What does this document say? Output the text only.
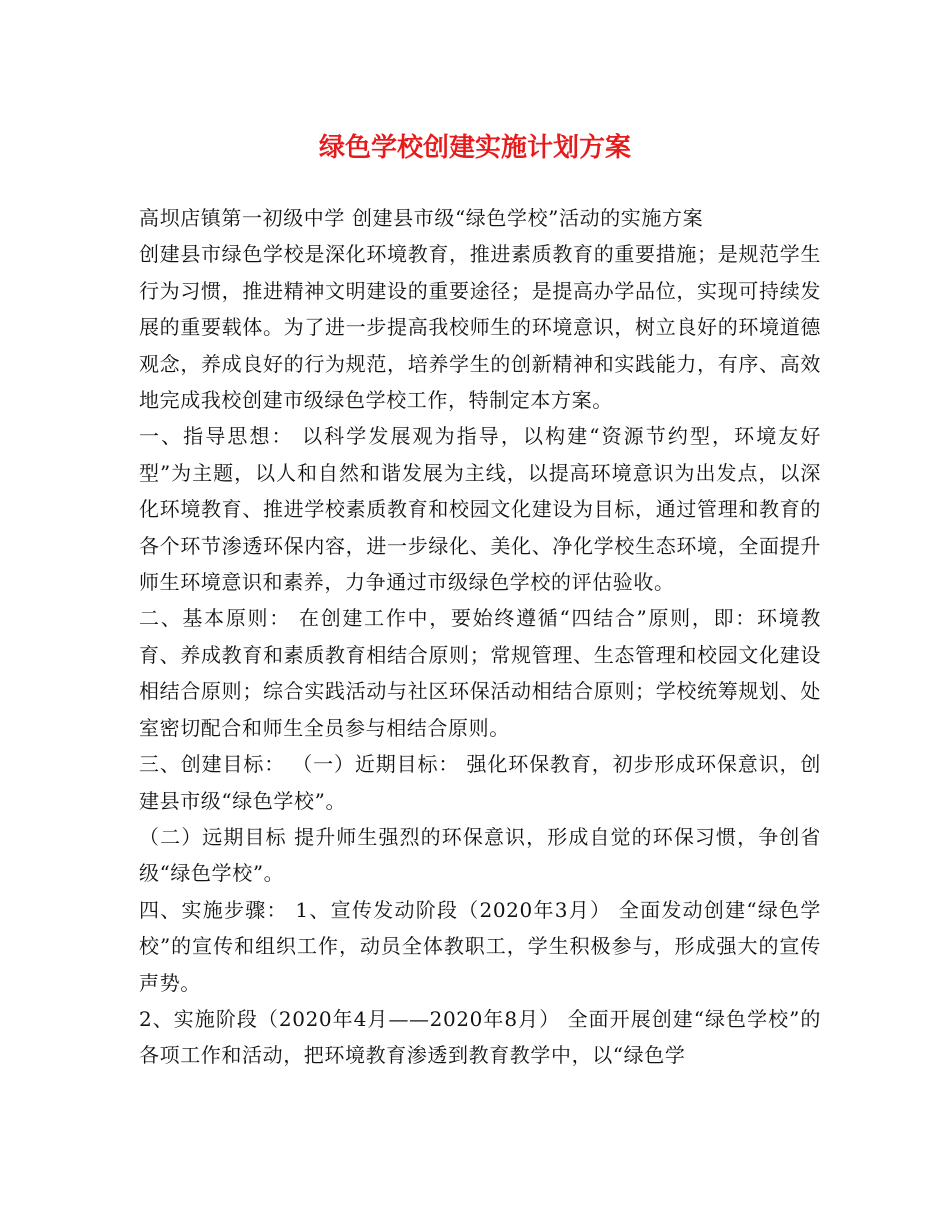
绿色学校创建实施计划方案

高坝店镇第一初级中学 创建县市级“绿色学校”活动的实施方案

创建县市绿色学校是深化环境教育，推进素质教育的重要措施；是规范学生行为习惯，推进精神文明建设的重要途径；是提高办学品位，实现可持续发展的重要载体。为了进一步提高我校师生的环境意识，树立良好的环境道德观念，养成良好的行为规范，培养学生的创新精神和实践能力，有序、高效地完成我校创建市级绿色学校工作，特制定本方案。

一、指导思想： 以科学发展观为指导，以构建“资源节约型，环境友好型”为主题，以人和自然和谐发展为主线，以提高环境意识为出发点，以深化环境教育、推进学校素质教育和校园文化建设为目标，通过管理和教育的各个环节渗透环保内容，进一步绿化、美化、净化学校生态环境，全面提升师生环境意识和素养，力争通过市级绿色学校的评估验收。

二、基本原则： 在创建工作中，要始终遵循“四结合”原则，即：环境教育、养成教育和素质教育相结合原则；常规管理、生态管理和校园文化建设相结合原则；综合实践活动与社区环保活动相结合原则；学校统筹规划、处室密切配合和师生全员参与相结合原则。

三、创建目标： （一）近期目标： 强化环保教育，初步形成环保意识，创建县市级“绿色学校”。

（二）远期目标 提升师生强烈的环保意识，形成自觉的环保习惯，争创省级“绿色学校”。

四、实施步骤： 1、宣传发动阶段（2020年3月） 全面发动创建“绿色学校”的宣传和组织工作，动员全体教职工，学生积极参与，形成强大的宣传声势。

2、实施阶段（2020年4月——2020年8月） 全面开展创建“绿色学校”的各项工作和活动，把环境教育渗透到教育教学中，以“绿色学
